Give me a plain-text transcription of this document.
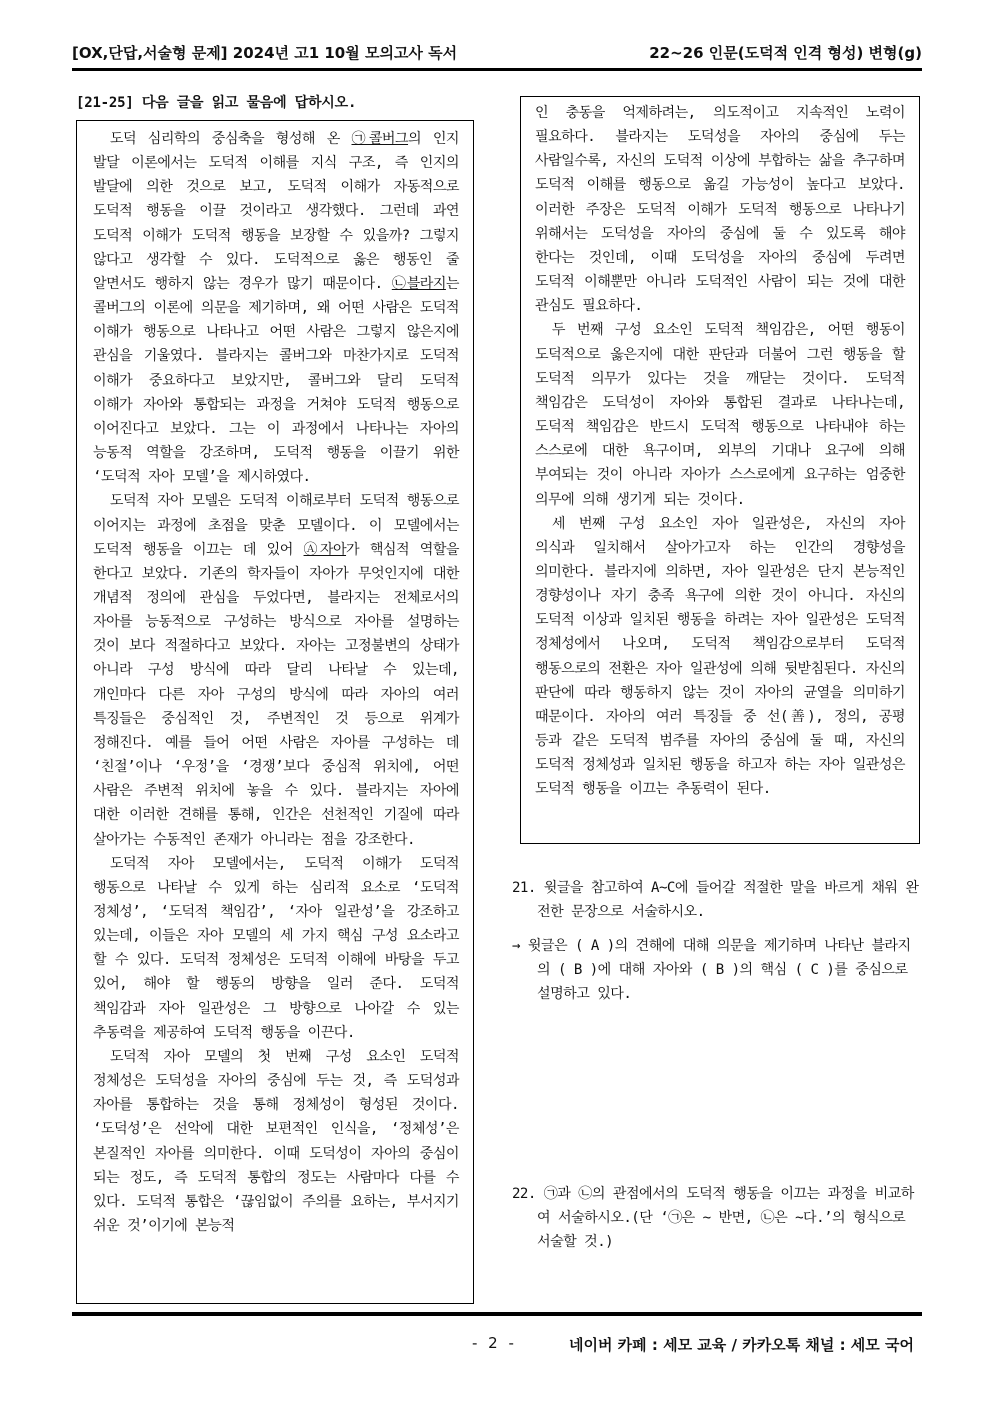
[OX,단답,서술형 문제] 2024년 고1 10월 모의고사 독서	22~26 인문(도덕적 인격 형성) 변형(g)
[21-25] 다음 글을 읽고 물음에 답하시오.

도덕 심리학의 중심축을 형성해 온 ㉠콜버그의 인지 발달 이론에서는 도덕적 이해를 지식 구조, 즉 인지의 발달에 의한 것으로 보고, 도덕적 이해가 자동적으로 도덕적 행동을 이끌 것이라고 생각했다. 그런데 과연 도덕적 이해가 도덕적 행동을 보장할 수 있을까? 그렇지 않다고 생각할 수 있다. 도덕적으로 옳은 행동인 줄 알면서도 행하지 않는 경우가 많기 때문이다. ㉡블라지는 콜버그의 이론에 의문을 제기하며, 왜 어떤 사람은 도덕적 이해가 행동으로 나타나고 어떤 사람은 그렇지 않은지에 관심을 기울였다. 블라지는 콜버그와 마찬가지로 도덕적 이해가 중요하다고 보았지만, 콜버그와 달리 도덕적 이해가 자아와 통합되는 과정을 거쳐야 도덕적 행동으로 이어진다고 보았다. 그는 이 과정에서 나타나는 자아의 능동적 역할을 강조하며, 도덕적 행동을 이끌기 위한 ‘도덕적 자아 모델’을 제시하였다.

도덕적 자아 모델은 도덕적 이해로부터 도덕적 행동으로 이어지는 과정에 초점을 맞춘 모델이다. 이 모델에서는 도덕적 행동을 이끄는 데 있어 Ⓐ자아가 핵심적 역할을 한다고 보았다. 기존의 학자들이 자아가 무엇인지에 대한 개념적 정의에 관심을 두었다면, 블라지는 전체로서의 자아를 능동적으로 구성하는 방식으로 자아를 설명하는 것이 보다 적절하다고 보았다. 자아는 고정불변의 상태가 아니라 구성 방식에 따라 달리 나타날 수 있는데, 개인마다 다른 자아 구성의 방식에 따라 자아의 여러 특징들은 중심적인 것, 주변적인 것 등으로 위계가 정해진다. 예를 들어 어떤 사람은 자아를 구성하는 데 ‘친절’이나 ‘우정’을 ‘경쟁’보다 중심적 위치에, 어떤 사람은 주변적 위치에 놓을 수 있다. 블라지는 자아에 대한 이러한 견해를 통해, 인간은 선천적인 기질에 따라 살아가는 수동적인 존재가 아니라는 점을 강조한다.

도덕적 자아 모델에서는, 도덕적 이해가 도덕적 행동으로 나타날 수 있게 하는 심리적 요소로 ‘도덕적 정체성’, ‘도덕적 책임감’, ‘자아 일관성’을 강조하고 있는데, 이들은 자아 모델의 세 가지 핵심 구성 요소라고 할 수 있다. 도덕적 정체성은 도덕적 이해에 바탕을 두고 있어, 해야 할 행동의 방향을 일러 준다. 도덕적 책임감과 자아 일관성은 그 방향으로 나아갈 수 있는 추동력을 제공하여 도덕적 행동을 이끈다.

도덕적 자아 모델의 첫 번째 구성 요소인 도덕적 정체성은 도덕성을 자아의 중심에 두는 것, 즉 도덕성과 자아를 통합하는 것을 통해 정체성이 형성된 것이다. ‘도덕성’은 선악에 대한 보편적인 인식을, ‘정체성’은 본질적인 자아를 의미한다. 이때 도덕성이 자아의 중심이 되는 정도, 즉 도덕적 통합의 정도는 사람마다 다를 수 있다. 도덕적 통합은 ‘끊임없이 주의를 요하는, 부서지기 쉬운 것’이기에 본능적

인 충동을 억제하려는, 의도적이고 지속적인 노력이 필요하다. 블라지는 도덕성을 자아의 중심에 두는 사람일수록, 자신의 도덕적 이상에 부합하는 삶을 추구하며 도덕적 이해를 행동으로 옮길 가능성이 높다고 보았다. 이러한 주장은 도덕적 이해가 도덕적 행동으로 나타나기 위해서는 도덕성을 자아의 중심에 둘 수 있도록 해야 한다는 것인데, 이때 도덕성을 자아의 중심에 두려면 도덕적 이해뿐만 아니라 도덕적인 사람이 되는 것에 대한 관심도 필요하다.

두 번째 구성 요소인 도덕적 책임감은, 어떤 행동이 도덕적으로 옳은지에 대한 판단과 더불어 그런 행동을 할 도덕적 의무가 있다는 것을 깨닫는 것이다. 도덕적 책임감은 도덕성이 자아와 통합된 결과로 나타나는데, 도덕적 책임감은 반드시 도덕적 행동으로 나타내야 하는 스스로에 대한 욕구이며, 외부의 기대나 요구에 의해 부여되는 것이 아니라 자아가 스스로에게 요구하는 엄중한 의무에 의해 생기게 되는 것이다.

세 번째 구성 요소인 자아 일관성은, 자신의 자아 의식과 일치해서 살아가고자 하는 인간의 경향성을 의미한다. 블라지에 의하면, 자아 일관성은 단지 본능적인 경향성이나 자기 충족 욕구에 의한 것이 아니다. 자신의 도덕적 이상과 일치된 행동을 하려는 자아 일관성은 도덕적 정체성에서 나오며, 도덕적 책임감으로부터 도덕적 행동으로의 전환은 자아 일관성에 의해 뒷받침된다. 자신의 판단에 따라 행동하지 않는 것이 자아의 균열을 의미하기 때문이다. 자아의 여러 특징들 중 선(善), 정의, 공평 등과 같은 도덕적 범주를 자아의 중심에 둘 때, 자신의 도덕적 정체성과 일치된 행동을 하고자 하는 자아 일관성은 도덕적 행동을 이끄는 추동력이 된다.

21. 윗글을 참고하여 A~C에 들어갈 적절한 말을 바르게 채워 완전한 문장으로 서술하시오.

→ 윗글은 ( A )의 견해에 대해 의문을 제기하며 나타난 블라지의 ( B )에 대해 자아와 ( B )의 핵심 ( C )를 중심으로 설명하고 있다.

22. ㉠과 ㉡의 관점에서의 도덕적 행동을 이끄는 과정을 비교하여 서술하시오.(단 ‘㉠은 ~ 반면, ㉡은 ~다.’의 형식으로 서술할 것.)

- 2 -	네이버 카페 : 세모 교육 / 카카오톡 채널 : 세모 국어
